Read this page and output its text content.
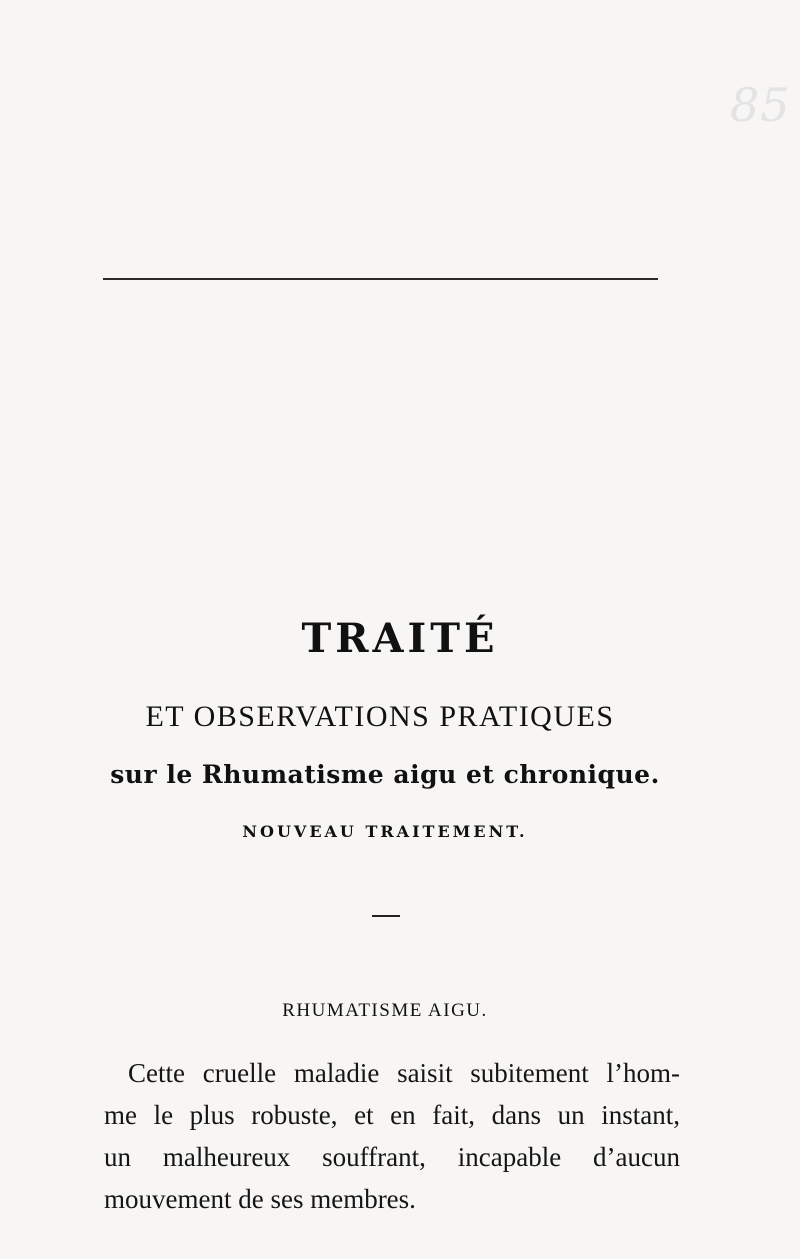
85
TRAITÉ
ET OBSERVATIONS PRATIQUES
sur le Rhumatisme aigu et chronique.
NOUVEAU TRAITEMENT.
RHUMATISME AIGU.
Cette cruelle maladie saisit subitement l’hom-
me le plus robuste, et en fait, dans un instant,
un malheureux souffrant, incapable d’aucun
mouvement de ses membres.
